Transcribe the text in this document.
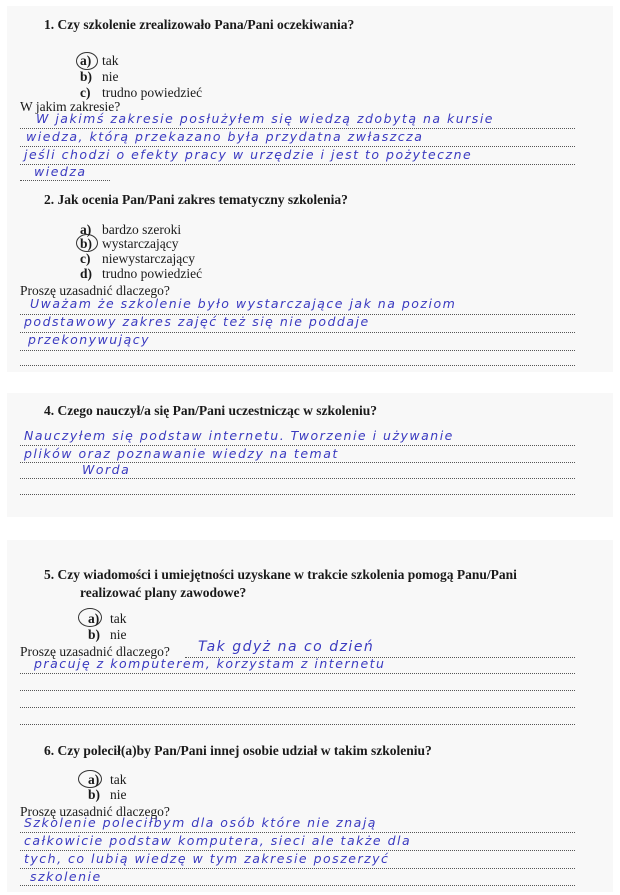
1. Czy szkolenie zrealizowało Pana/Pani oczekiwania?
a) tak
b) nie
c) trudno powiedzieć
W jakim zakresie?
W jakimś zakresie posłużyłem się wiedzą zdobytą na kursie
wiedza, którą przekazano była przydatna zwłaszcza
jeśli chodzi o efekty pracy w urzędzie i jest to pożyteczne
wiedza
2. Jak ocenia Pan/Pani zakres tematyczny szkolenia?
a) bardzo szeroki
b) wystarczający
c) niewystarczający
d) trudno powiedzieć
Proszę uzasadnić dlaczego?
Uważam że szkolenie było wystarczające jak na poziom
podstawowy zakres zajęć też się nie poddaje
przekonywujący
4. Czego nauczył/a się Pan/Pani uczestnicząc w szkoleniu?
Nauczyłem się podstaw internetu. Tworzenie i używanie
plików oraz poznawanie wiedzy na temat
Worda
5. Czy wiadomości i umiejętności uzyskane w trakcie szkolenia pomogą Panu/Pani
realizować plany zawodowe?
a) tak
b) nie
Proszę uzasadnić dlaczego? Tak gdyż na co dzień
pracuję z komputerem, korzystam z internetu
6. Czy polecił(a)by Pan/Pani innej osobie udział w takim szkoleniu?
a) tak
b) nie
Proszę uzasadnić dlaczego?
Szkolenie poleciłbym dla osób które nie znają
całkowicie podstaw komputera, sieci ale także dla
tych, co lubią wiedzę w tym zakresie poszerzyć
szkolenie
